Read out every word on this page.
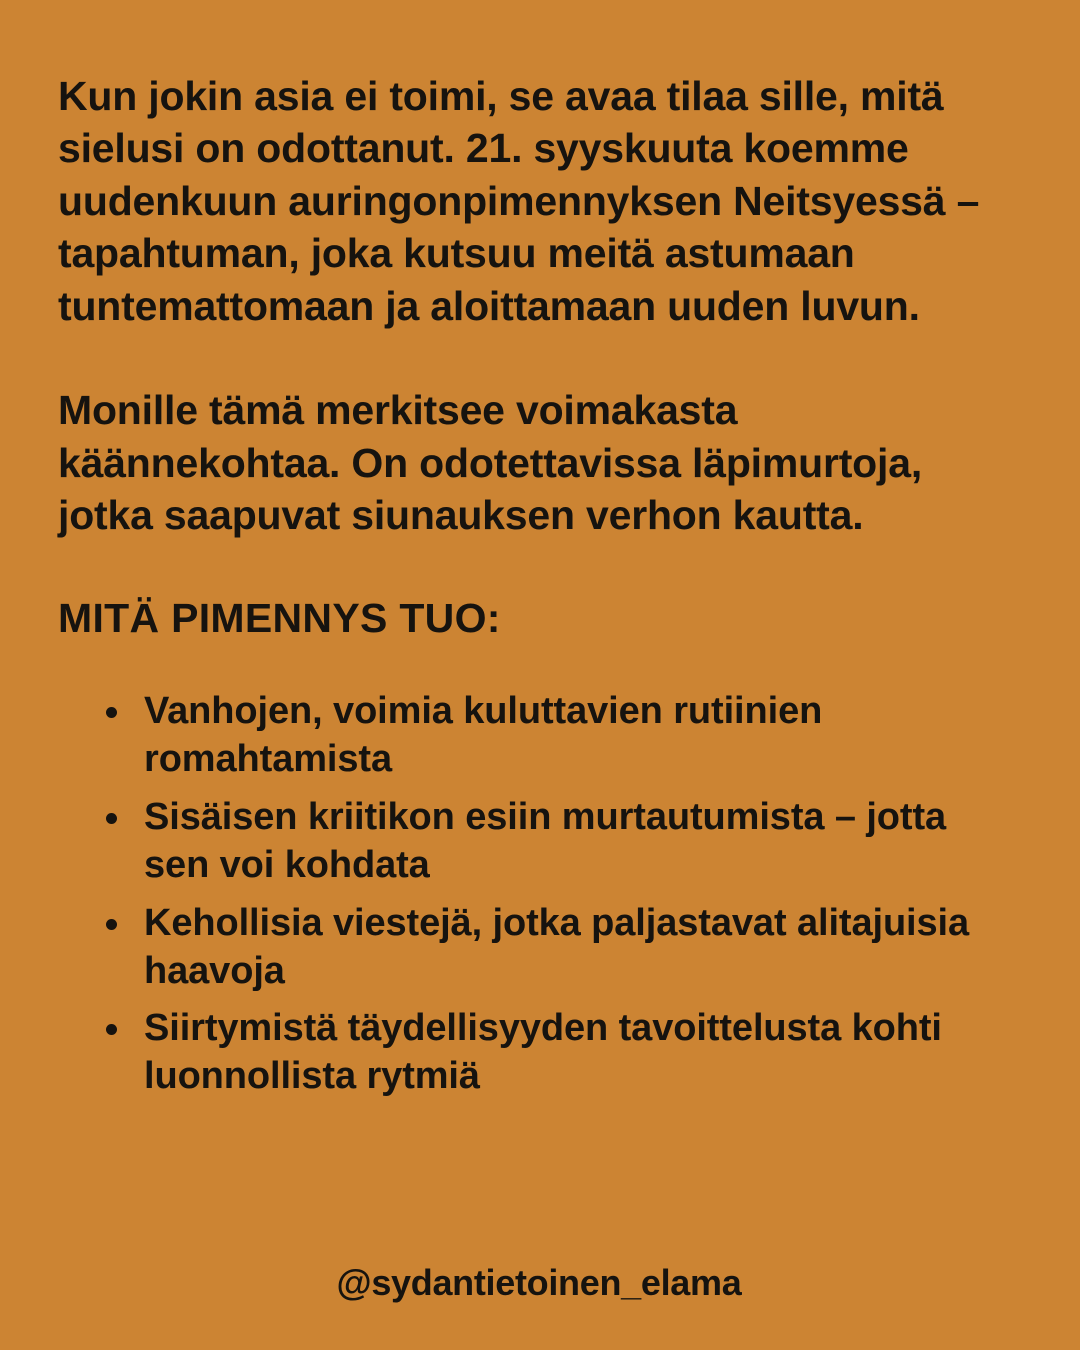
Kun jokin asia ei toimi, se avaa tilaa sille, mitä sielusi on odottanut. 21. syyskuuta koemme uudenkuun auringonpimennyksen Neitsyessä – tapahtuman, joka kutsuu meitä astumaan tuntemattomaan ja aloittamaan uuden luvun.

Monille tämä merkitsee voimakasta käännekohtaa. On odotettavissa läpimurtoja, jotka saapuvat siunauksen verhon kautta.

MITÄ PIMENNYS TUO:
Vanhojen, voimia kuluttavien rutiinien romahtamista
Sisäisen kriitikon esiin murtautumista – jotta sen voi kohdata
Kehollisia viestejä, jotka paljastavat alitajuisia haavoja
Siirtymistä täydellisyyden tavoittelusta kohti luonnollista rytmiä
@sydantietoinen_elama
